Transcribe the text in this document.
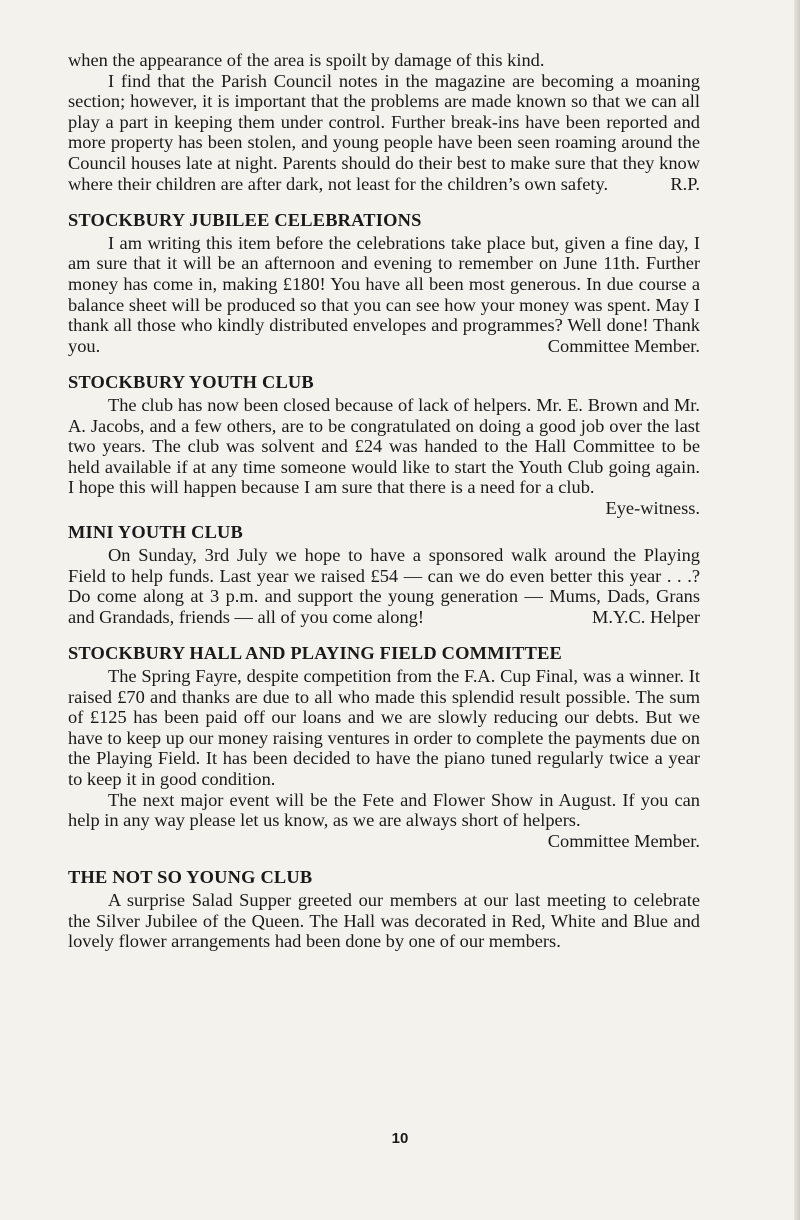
when the appearance of the area is spoilt by damage of this kind.

I find that the Parish Council notes in the magazine are becoming a moaning section; however, it is important that the problems are made known so that we can all play a part in keeping them under control. Further break-ins have been reported and more property has been stolen, and young people have been seen roaming around the Council houses late at night. Parents should do their best to make sure that they know where their children are after dark, not least for the children’s own safety.	R.P.

STOCKBURY JUBILEE CELEBRATIONS

I am writing this item before the celebrations take place but, given a fine day, I am sure that it will be an afternoon and evening to remember on June 11th. Further money has come in, making £180! You have all been most generous. In due course a balance sheet will be produced so that you can see how your money was spent. May I thank all those who kindly distributed envelopes and programmes? Well done! Thank you.	Committee Member.

STOCKBURY YOUTH CLUB

The club has now been closed because of lack of helpers. Mr. E. Brown and Mr. A. Jacobs, and a few others, are to be congratulated on doing a good job over the last two years. The club was solvent and £24 was handed to the Hall Committee to be held available if at any time someone would like to start the Youth Club going again. I hope this will happen because I am sure that there is a need for a club.

Eye-witness.

MINI YOUTH CLUB

On Sunday, 3rd July we hope to have a sponsored walk around the Playing Field to help funds. Last year we raised £54 — can we do even better this year . . .? Do come along at 3 p.m. and support the young generation — Mums, Dads, Grans and Grandads, friends — all of you come along!	M.Y.C. Helper

STOCKBURY HALL AND PLAYING FIELD COMMITTEE

The Spring Fayre, despite competition from the F.A. Cup Final, was a winner. It raised £70 and thanks are due to all who made this splendid result possible. The sum of £125 has been paid off our loans and we are slowly reducing our debts. But we have to keep up our money raising ventures in order to complete the payments due on the Playing Field. It has been decided to have the piano tuned regularly twice a year to keep it in good condition.

The next major event will be the Fete and Flower Show in August. If you can help in any way please let us know, as we are always short of helpers.
Committee Member.

THE NOT SO YOUNG CLUB

A surprise Salad Supper greeted our members at our last meeting to celebrate the Silver Jubilee of the Queen. The Hall was decorated in Red, White and Blue and lovely flower arrangements had been done by one of our members.

10
